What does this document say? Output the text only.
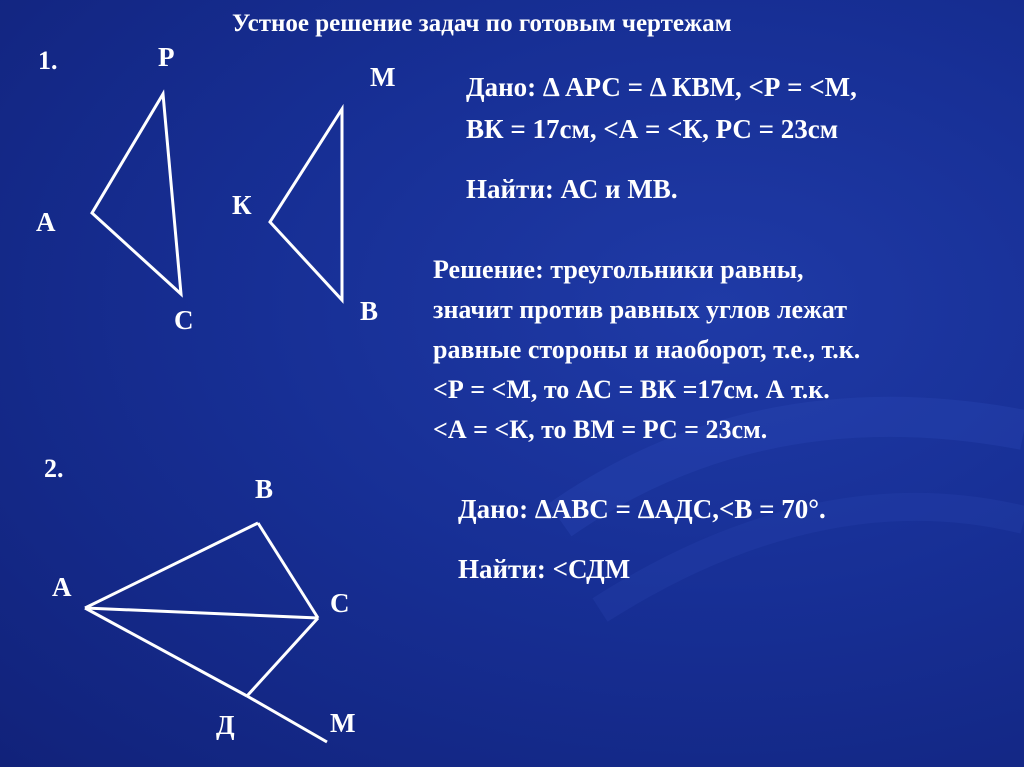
Устное решение задач по готовым чертежам
1.	Р
А
С
М
К
В
Дано: Δ АРС = Δ КВМ, <Р = <М,
ВК = 17см, <А = <К, РС = 23см
Найти: АС и МВ.
Решение: треугольники равны,
значит против равных углов лежат
равные стороны и наоборот, т.е., т.к.
<Р = <М, то АС = ВК =17см. А т.к.
<А = <К, то ВМ = РС = 23см.
2.
В
А
С
Д	М
Дано: ΔАВС = ΔАДС,<В = 70°.
Найти: <СДМ
